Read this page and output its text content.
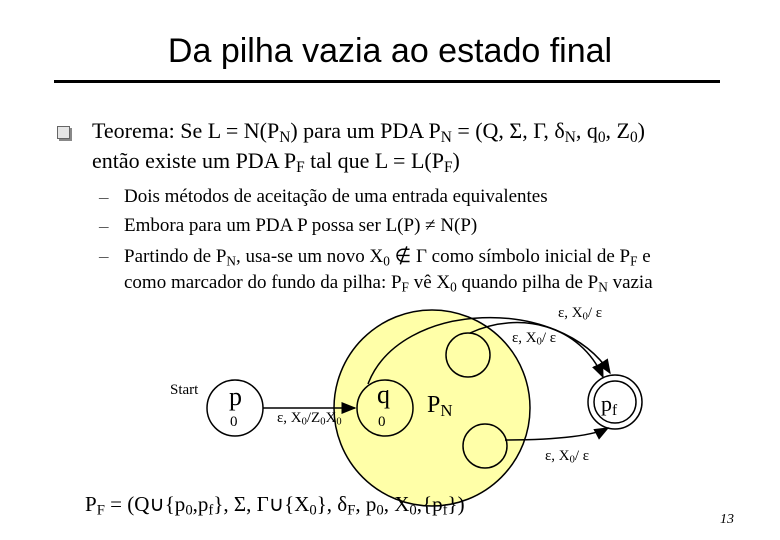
Da pilha vazia ao estado final
Teorema: Se $L = N(P_N)$ para um PDA $P_N = (Q$, Σ, Γ, $\delta_N$, $q_0$, $Z_0$)
então existe um PDA $P_F$ tal que $L = L(P_F)$
– Dois métodos de aceitação de uma entrada equivalentes
– Embora para um PDA P possa ser L(P) ≠ N(P)
– Partindo de $P_N$, usa-se um novo $X_0$ ∉ Γ como símbolo inicial de $P_F$ e
como marcador do fundo da pilha: $P_F$ vê $X_0$ quando pilha de $P_N$ vazia
Start p
0
q
0
$P_N$	$p_f$
ε, $X_0/Z_0X_0$
ε, $X_0/$ ε
ε, $X_0/$ ε
ε, $X_0/$ ε
$P_F$ = ($Q\cup\{p_0,p_f\}$, Σ, $\Gamma\cup\{X_0\}$, $\delta_F$, $p_0$, $X_0,\{p_f\}$)
13
